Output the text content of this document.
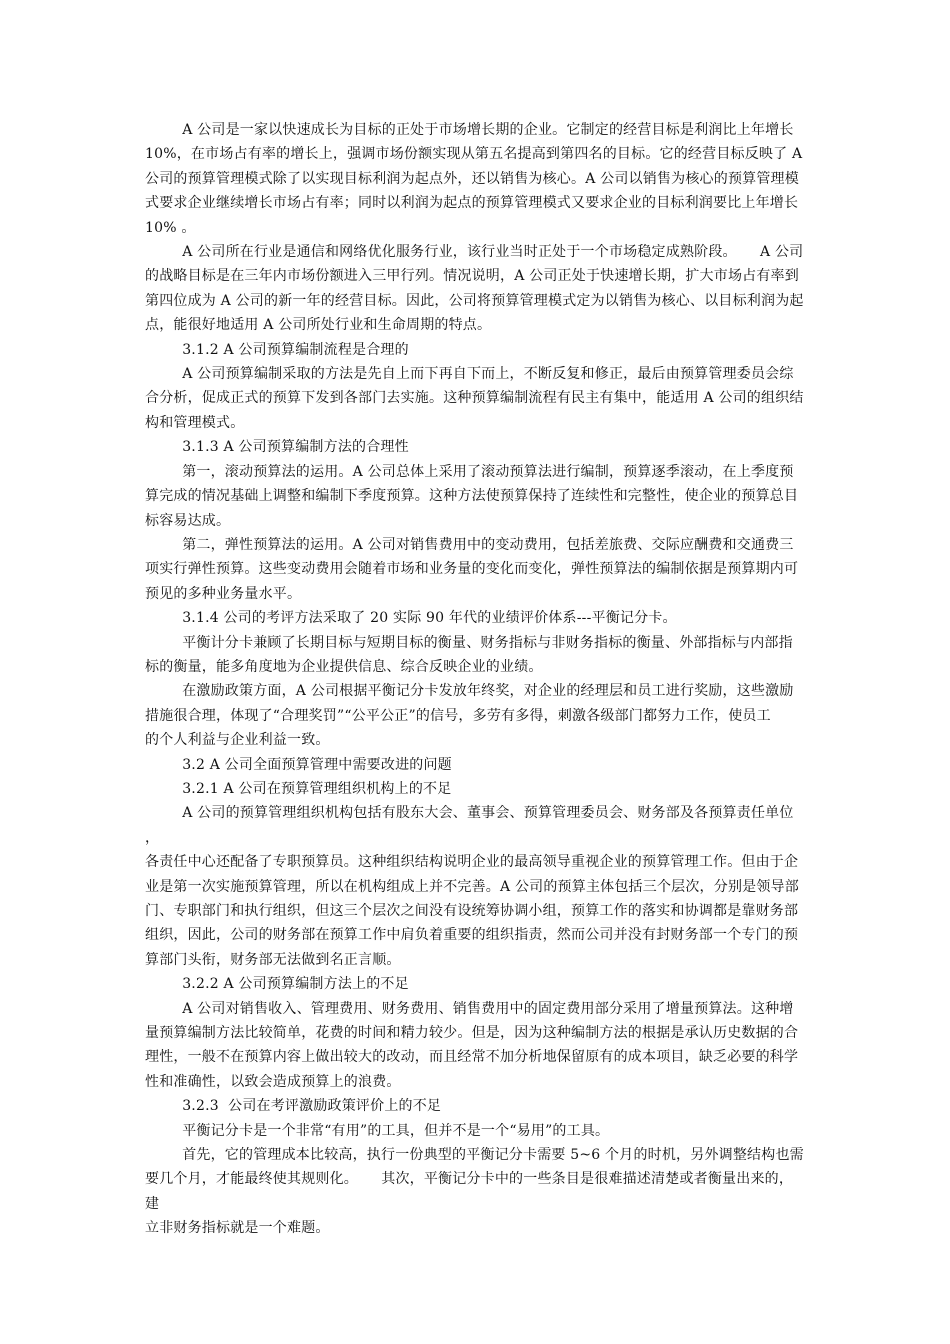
A 公司是一家以快速成长为目标的正处于市场增长期的企业。它制定的经营目标是利润比上年增长
10%，在市场占有率的增长上，强调市场份额实现从第五名提高到第四名的目标。它的经营目标反映了 A
公司的预算管理模式除了以实现目标利润为起点外，还以销售为核心。A 公司以销售为核心的预算管理模
式要求企业继续增长市场占有率；同时以利润为起点的预算管理模式又要求企业的目标利润要比上年增长
10% 。

A 公司所在行业是通信和网络优化服务行业，该行业当时正处于一个市场稳定成熟阶段。     A 公司
的战略目标是在三年内市场份额进入三甲行列。情况说明，A 公司正处于快速增长期，扩大市场占有率到
第四位成为 A 公司的新一年的经营目标。因此，公司将预算管理模式定为以销售为核心、以目标利润为起
点，能很好地适用 A 公司所处行业和生命周期的特点。

3.1.2 A 公司预算编制流程是合理的

A 公司预算编制采取的方法是先自上而下再自下而上，不断反复和修正，最后由预算管理委员会综
合分析，促成正式的预算下发到各部门去实施。这种预算编制流程有民主有集中，能适用 A 公司的组织结
构和管理模式。

3.1.3 A 公司预算编制方法的合理性

第一，滚动预算法的运用。A 公司总体上采用了滚动预算法进行编制，预算逐季滚动，在上季度预
算完成的情况基础上调整和编制下季度预算。这种方法使预算保持了连续性和完整性，使企业的预算总目
标容易达成。

第二，弹性预算法的运用。A 公司对销售费用中的变动费用，包括差旅费、交际应酬费和交通费三
项实行弹性预算。这些变动费用会随着市场和业务量的变化而变化，弹性预算法的编制依据是预算期内可
预见的多种业务量水平。

3.1.4 公司的考评方法采取了 20 实际 90 年代的业绩评价体系---平衡记分卡。

平衡计分卡兼顾了长期目标与短期目标的衡量、财务指标与非财务指标的衡量、外部指标与内部指
标的衡量，能多角度地为企业提供信息、综合反映企业的业绩。

在激励政策方面，A 公司根据平衡记分卡发放年终奖，对企业的经理层和员工进行奖励，这些激励
措施很合理，体现了“合理奖罚”“公平公正”的信号，多劳有多得，刺激各级部门都努力工作，使员工
的个人利益与企业利益一致。

3.2 A 公司全面预算管理中需要改进的问题

3.2.1 A 公司在预算管理组织机构上的不足

A 公司的预算管理组织机构包括有股东大会、董事会、预算管理委员会、财务部及各预算责任单位 ，
各责任中心还配备了专职预算员。这种组织结构说明企业的最高领导重视企业的预算管理工作。但由于企
业是第一次实施预算管理，所以在机构组成上并不完善。A 公司的预算主体包括三个层次，分别是领导部
门、专职部门和执行组织，但这三个层次之间没有设统筹协调小组，预算工作的落实和协调都是靠财务部
组织，因此，公司的财务部在预算工作中肩负着重要的组织指责，然而公司并没有封财务部一个专门的预
算部门头衔，财务部无法做到名正言顺。

3.2.2 A 公司预算编制方法上的不足

A 公司对销售收入、管理费用、财务费用、销售费用中的固定费用部分采用了增量预算法。这种增
量预算编制方法比较简单，花费的时间和精力较少。但是，因为这种编制方法的根据是承认历史数据的合
理性，一般不在预算内容上做出较大的改动，而且经常不加分析地保留原有的成本项目，缺乏必要的科学
性和准确性，以致会造成预算上的浪费。

3.2.3  公司在考评激励政策评价上的不足

平衡记分卡是一个非常“有用”的工具，但并不是一个“易用”的工具。

首先，它的管理成本比较高，执行一份典型的平衡记分卡需要 5~6 个月的时机，另外调整结构也需
要几个月，才能最终使其规则化。     其次，平衡记分卡中的一些条目是很难描述清楚或者衡量出来的，建
立非财务指标就是一个难题。
